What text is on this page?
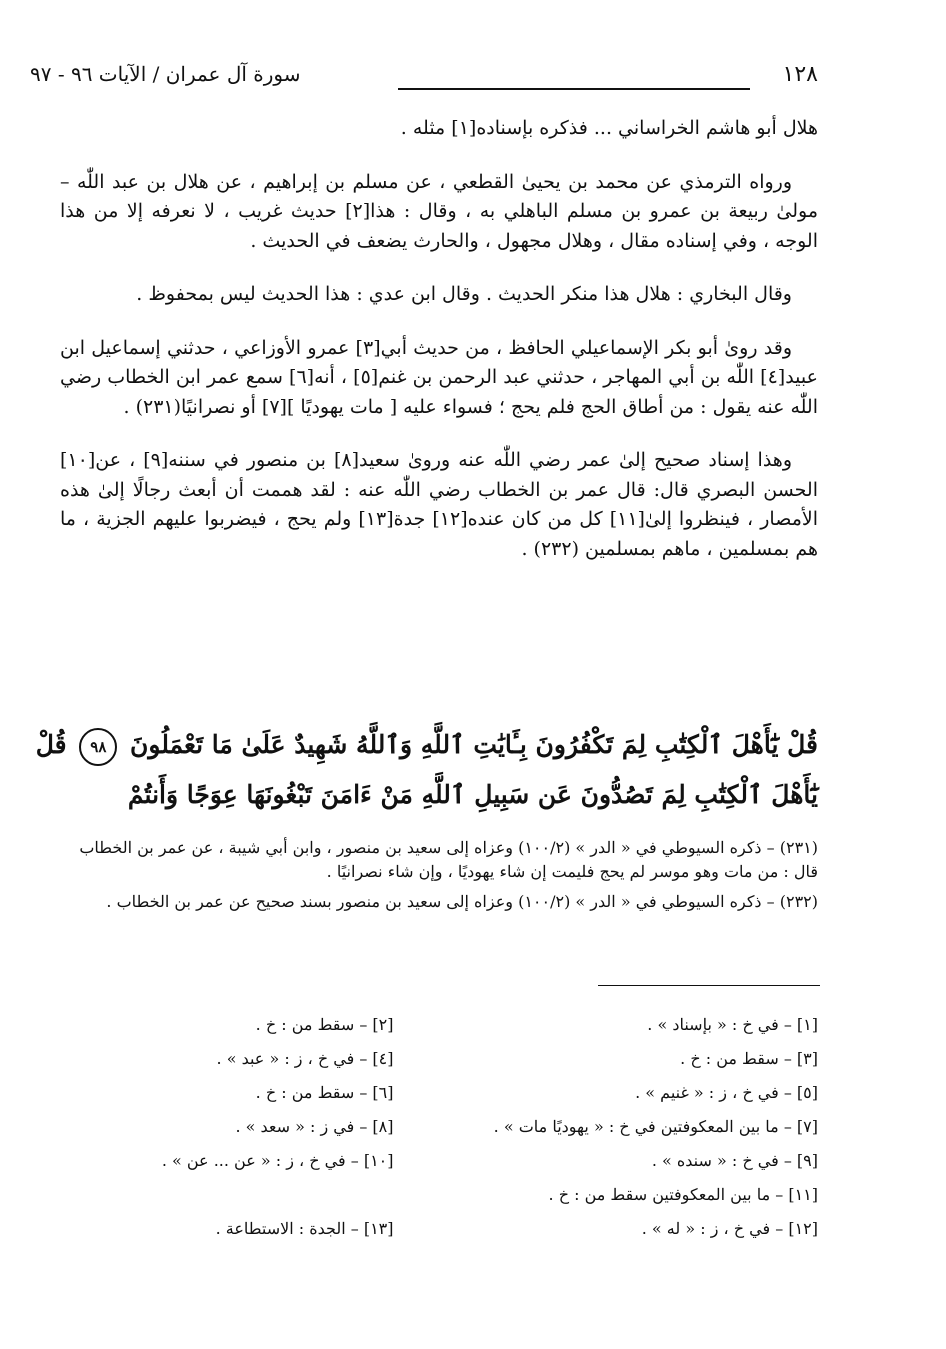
١٢٨
سورة آل عمران / الآيات ٩٦ - ٩٧

هلال أبو هاشم الخراساني ... فذكره بإسناده[١] مثله .

ورواه الترمذي عن محمد بن يحيىٰ القطعي ، عن مسلم بن إبراهيم ، عن هلال بن عبد اللّٰه – مولىٰ ربيعة بن عمرو بن مسلم الباهلي به ، وقال : هذا[٢] حديث غريب ، لا نعرفه إلا من هذا الوجه ، وفي إسناده مقال ، وهلال مجهول ، والحارث يضعف في الحديث .

وقال البخاري : هلال هذا منكر الحديث . وقال ابن عدي : هذا الحديث ليس بمحفوظ .

وقد روىٰ أبو بكر الإسماعيلي الحافظ ، من حديث أبي[٣] عمرو الأوزاعي ، حدثني إسماعيل ابن عبيد[٤] اللّٰه بن أبي المهاجر ، حدثني عبد الرحمن بن غنم[٥] ، أنه[٦] سمع عمر ابن الخطاب رضي اللّٰه عنه يقول : من أطاق الحج فلم يحج ؛ فسواء عليه [ مات يهوديًا ][٧] أو نصرانيًا(٢٣١) .

وهذا إسناد صحيح إلىٰ عمر رضي اللّٰه عنه وروىٰ سعيد[٨] بن منصور في سننه[٩] ، عن[١٠] الحسن البصري قال: قال عمر بن الخطاب رضي اللّٰه عنه : لقد هممت أن أبعث رجالًا إلىٰ هذه الأمصار ، فينظروا إلىٰ[١١] كل من كان عنده[١٢] جدة[١٣] ولم يحج ، فيضربوا عليهم الجزية ، ما هم بمسلمين ، ماهم بمسلمين (٢٣٢) .

قُلْ يَٰٓأَهْلَ ٱلْكِتَٰبِ لِمَ تَكْفُرُونَ بِـَٔايَٰتِ ٱللَّهِ وَٱللَّهُ شَهِيدٌ عَلَىٰ مَا تَعْمَلُونَ ٩٨ قُلْ
يَٰٓأَهْلَ ٱلْكِتَٰبِ لِمَ تَصُدُّونَ عَن سَبِيلِ ٱللَّهِ مَنْ ءَامَنَ تَبْغُونَهَا عِوَجًا وَأَنتُمْ

(٢٣١) – ذكره السيوطي في « الدر » (١٠٠/٢) وعزاه إلى سعيد بن منصور ، وابن أبي شيبة ، عن عمر بن الخطاب قال : من مات وهو موسر لم يحج فليمت إن شاء يهوديًا ، وإن شاء نصرانيًا .

(٢٣٢) – ذكره السيوطي في « الدر » (١٠٠/٢) وعزاه إلى سعيد بن منصور بسند صحيح عن عمر بن الخطاب .

[١] – في خ : « بإسناد » .
[٢] – سقط من : خ .
[٣] – سقط من : خ .
[٤] – في خ ، ز : « عبد » .
[٥] – في خ ، ز : « غنيم » .
[٦] – سقط من : خ .
[٧] – ما بين المعكوفتين في خ : « يهوديًا مات » .
[٨] – في ز : « سعد » .
[٩] – في خ : « سنده » .
[١٠] – في خ ، ز : « عن ... عن » .
[١١] – ما بين المعكوفتين سقط من : خ .
[١٢] – في خ ، ز : « له » .
[١٣] – الجدة : الاستطاعة .
